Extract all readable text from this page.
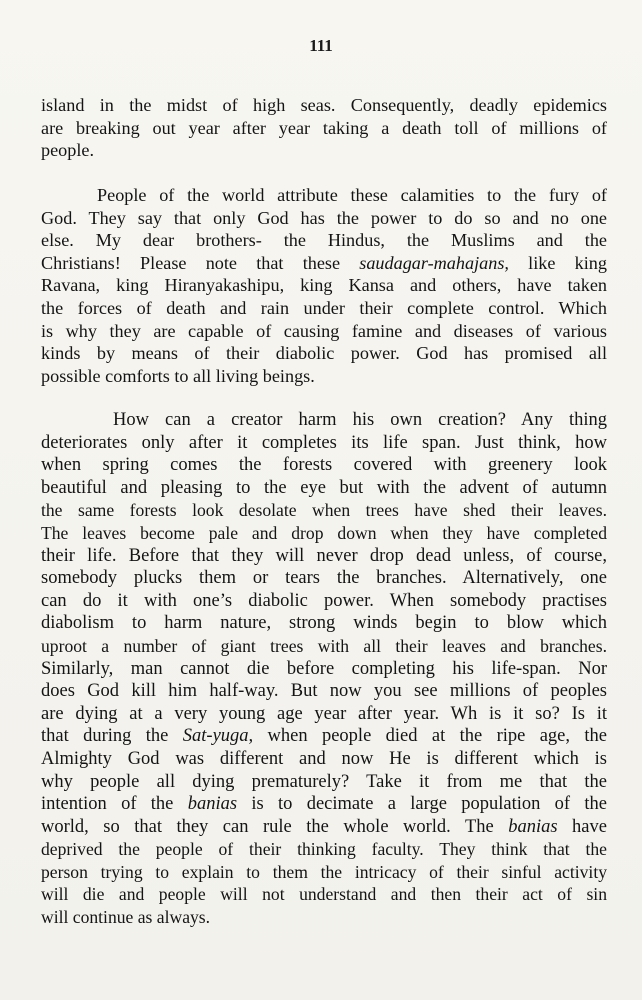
111
island in the midst of high seas. Consequently, deadly epidemics
are breaking out year after year taking a death toll of millions of
people.
People of the world attribute these calamities to the fury of
God. They say that only God has the power to do so and no one
else. My dear brothers- the Hindus, the Muslims and the
Christians! Please note that these saudagar-mahajans, like king
Ravana, king Hiranyakashipu, king Kansa and others, have taken
the forces of death and rain under their complete control. Which
is why they are capable of causing famine and diseases of various
kinds by means of their diabolic power. God has promised all
possible comforts to all living beings.
How can a creator harm his own creation? Any thing
deteriorates only after it completes its life span. Just think, how
when spring comes the forests covered with greenery look
beautiful and pleasing to the eye but with the advent of autumn
the same forests look desolate when trees have shed their leaves.
The leaves become pale and drop down when they have completed
their life. Before that they will never drop dead unless, of course,
somebody plucks them or tears the branches. Alternatively, one
can do it with one’s diabolic power. When somebody practises
diabolism to harm nature, strong winds begin to blow which
uproot a number of giant trees with all their leaves and branches.
Similarly, man cannot die before completing his life-span. Nor
does God kill him half-way. But now you see millions of peoples
are dying at a very young age year after year. Wh is it so? Is it
that during the Sat-yuga, when people died at the ripe age, the
Almighty God was different and now He is different which is
why people all dying prematurely? Take it from me that the
intention of the banias is to decimate a large population of the
world, so that they can rule the whole world. The banias have
deprived the people of their thinking faculty. They think that the
person trying to explain to them the intricacy of their sinful activity
will die and people will not understand and then their act of sin
will continue as always.
